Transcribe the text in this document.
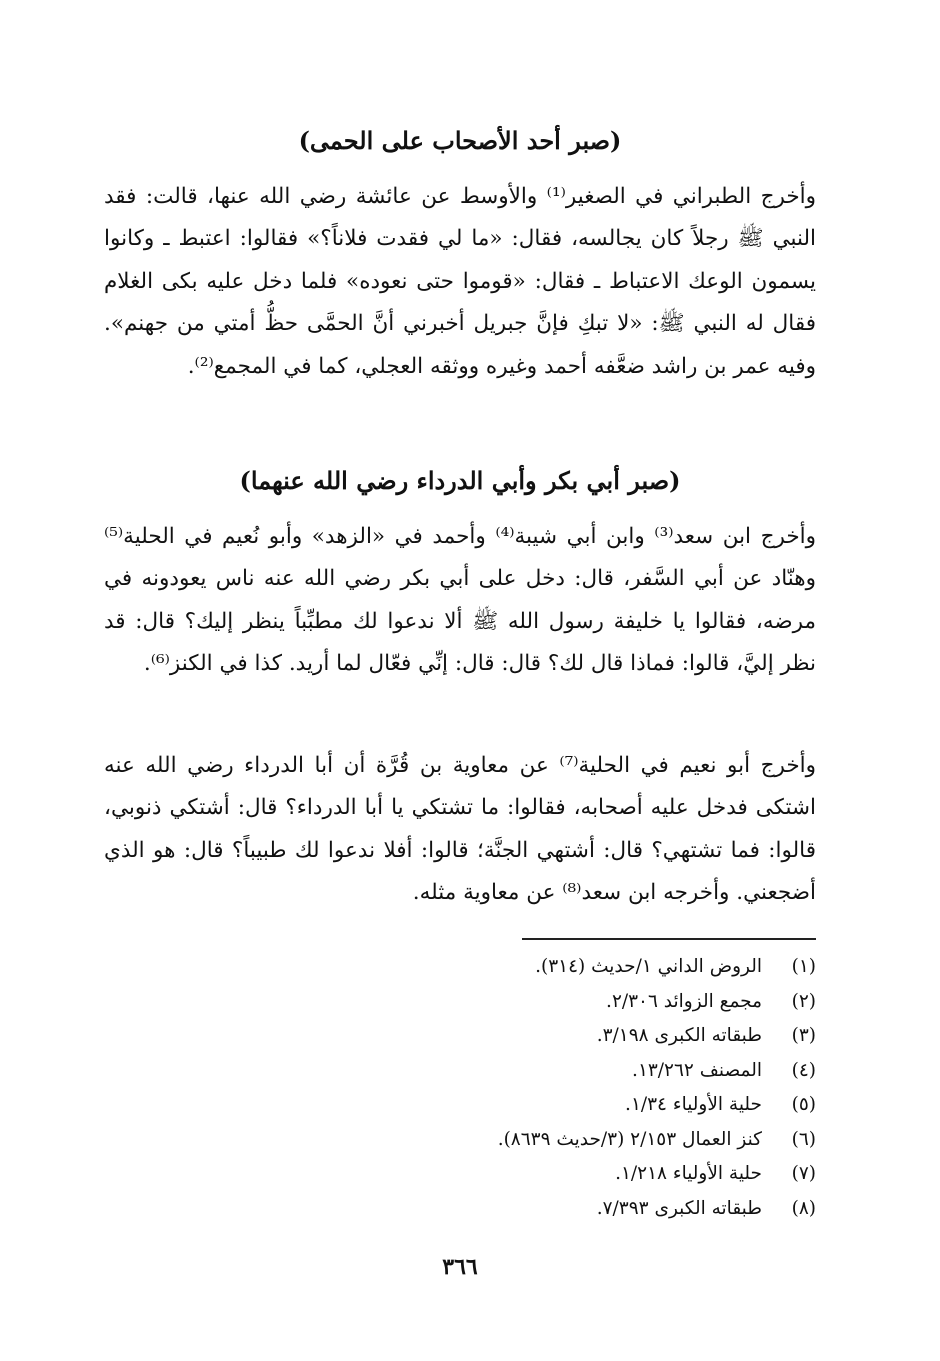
(صبر أحد الأصحاب على الحمى)

وأخرج الطبراني في الصغير⁽¹⁾ والأوسط عن عائشة رضي الله عنها، قالت: فقد النبي ﷺ رجلاً كان يجالسه، فقال: «ما لي فقدت فلاناً؟» فقالوا: اعتبط ـ وكانوا يسمون الوعك الاعتباط ـ فقال: «قوموا حتى نعوده» فلما دخل عليه بكى الغلام فقال له النبي ﷺ: «لا تبكِ فإنَّ جبريل أخبرني أنَّ الحمَّى حظُّ أمتي من جهنم». وفيه عمر بن راشد ضعَّفه أحمد وغيره ووثقه العجلي، كما في المجمع⁽²⁾.

(صبر أبي بكر وأبي الدرداء رضي الله عنهما)

وأخرج ابن سعد⁽³⁾ وابن أبي شيبة⁽⁴⁾ وأحمد في «الزهد» وأبو نُعيم في الحلية⁽⁵⁾ وهنّاد عن أبي السَّفر، قال: دخل على أبي بكر رضي الله عنه ناس يعودونه في مرضه، فقالوا يا خليفة رسول الله ﷺ ألا ندعوا لك مطبِّباً ينظر إليك؟ قال: قد نظر إليَّ، قالوا: فماذا قال لك؟ قال: قال: إنِّي فعّال لما أريد. كذا في الكنز⁽⁶⁾.

وأخرج أبو نعيم في الحلية⁽⁷⁾ عن معاوية بن قُرَّة أن أبا الدرداء رضي الله عنه اشتكى فدخل عليه أصحابه، فقالوا: ما تشتكي يا أبا الدرداء؟ قال: أشتكي ذنوبي، قالوا: فما تشتهي؟ قال: أشتهي الجنَّة؛ قالوا: أفلا ندعوا لك طبيباً؟ قال: هو الذي أضجعني. وأخرجه ابن سعد⁽⁸⁾ عن معاوية مثله.

(١)الروض الداني ١/حديث (٣١٤).
(٢)مجمع الزوائد ٢/٣٠٦.
(٣)طبقاته الكبرى ٣/١٩٨.
(٤)المصنف ١٣/٢٦٢.
(٥)حلية الأولياء ١/٣٤.
(٦)كنز العمال ٢/١٥٣ (٣/حديث ٨٦٣٩).
(٧)حلية الأولياء ١/٢١٨.
(٨)طبقاته الكبرى ٧/٣٩٣.
٣٦٦
